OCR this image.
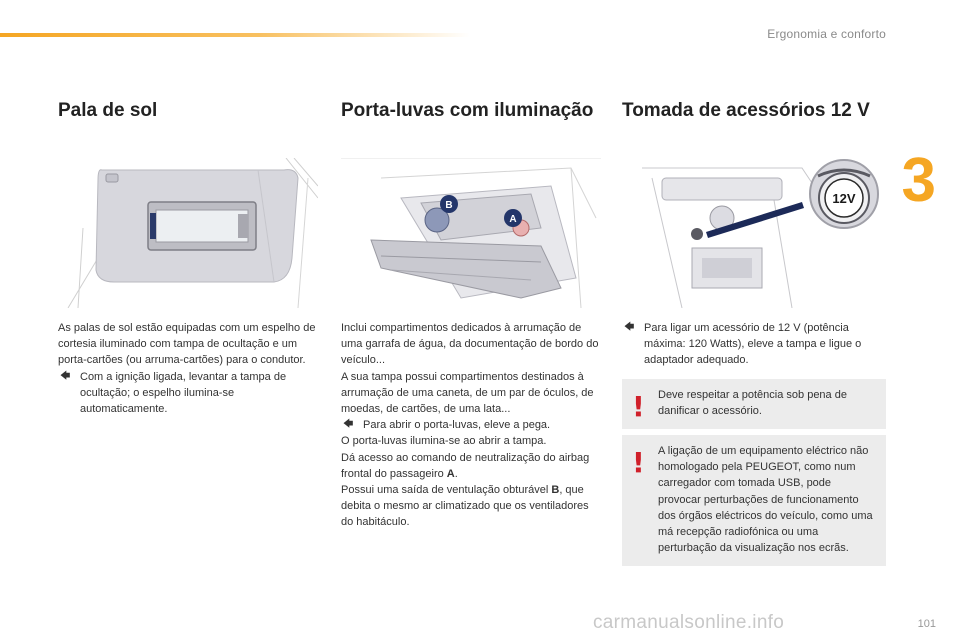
Ergonomia e conforto
3
Pala de sol

As palas de sol estão equipadas com um espelho de cortesia iluminado com tampa de ocultação e um porta-cartões (ou arruma-cartões) para o condutor.

🡄 Com a ignição ligada, levantar a tampa de ocultação; o espelho ilumina-se automaticamente.

Porta-luvas com iluminação
B
A

Inclui compartimentos dedicados à arrumação de uma garrafa de água, da documentação de bordo do veículo...

A sua tampa possui compartimentos destinados à arrumação de uma caneta, de um par de óculos, de moedas, de cartões, de uma lata...

🡄 Para abrir o porta-luvas, eleve a pega.

O porta-luvas ilumina-se ao abrir a tampa.

Dá acesso ao comando de neutralização do airbag frontal do passageiro A.

Possui uma saída de ventulação obturável B, que debita o mesmo ar climatizado que os ventiladores do habitáculo.

Tomada de acessórios 12 V
12V

🡄 Para ligar um acessório de 12 V (potência máxima: 120 Watts), eleve a tampa e ligue o adaptador adequado.

! Deve respeitar a potência sob pena de danificar o acessório.
! A ligação de um equipamento eléctrico não homologado pela PEUGEOT, como num carregador com tomada USB, pode provocar perturbações de funcionamento dos órgãos eléctricos do veículo, como uma má recepção radiofónica ou uma perturbação da visualização nos ecrãs.
carmanualsonline.info	101
